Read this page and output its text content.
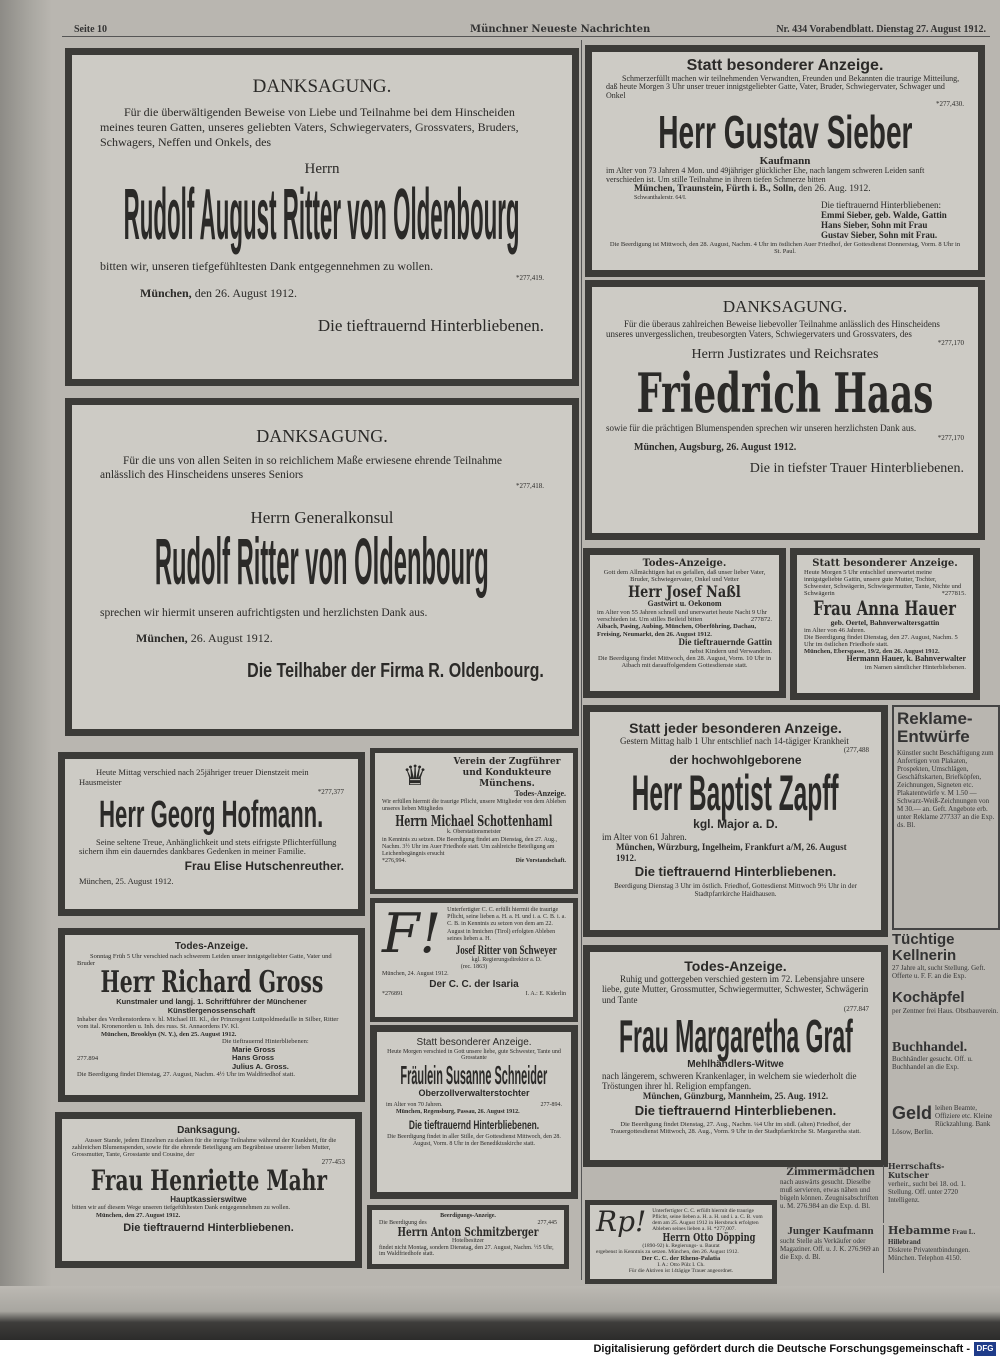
Seite 10	Münchner Neueste Nachrichten	Nr. 434 Vorabendblatt. Dienstag 27. August 1912.
DANKSAGUNG.
Für die überwältigenden Beweise von Liebe und Teilnahme bei dem Hinscheiden meines teuren Gatten, unseres geliebten Vaters, Schwiegervaters, Grossvaters, Bruders, Schwagers, Neffen und Onkels, des
Herrn
Rudolf August Ritter von Oldenbourg
bitten wir, unseren tiefgefühltesten Dank entgegennehmen zu wollen.
*277,419.
München, den 26. August 1912.
Die tieftrauernd Hinterbliebenen.
DANKSAGUNG.
Für die uns von allen Seiten in so reichlichem Maße erwiesene ehrende Teilnahme anlässlich des Hinscheidens unseres Seniors
*277,418.
Herrn Generalkonsul
Rudolf Ritter von Oldenbourg
sprechen wir hiermit unseren aufrichtigsten und herzlichsten Dank aus.
München, 26. August 1912.
Die Teilhaber der Firma R. Oldenbourg.
Statt besonderer Anzeige.
Schmerzerfüllt machen wir teilnehmenden Verwandten, Freunden und Bekannten die traurige Mitteilung, daß heute Morgen 3 Uhr unser treuer innigstgeliebter Gatte, Vater, Bruder, Schwiegervater, Schwager und Onkel
*277,430.
Herr Gustav Sieber
Kaufmann
im Alter von 73 Jahren 4 Mon. und 49jähriger glücklicher Ehe, nach langem schweren Leiden sanft verschieden ist. Um stille Teilnahme in ihrem tiefen Schmerze bitten
München, Traunstein, Fürth i. B., Solln, den 26. Aug. 1912.
Schwanthalerstr. 64/I.
Die tieftrauernd Hinterbliebenen:
Emmi Sieber, geb. Walde, Gattin
Hans Sieber, Sohn mit Frau
Gustav Sieber, Sohn mit Frau.
Die Beerdigung ist Mittwoch, den 28. August, Nachm. 4 Uhr im östlichen Auer Friedhof, der Gottesdienst Donnerstag, Vorm. 8 Uhr in St. Paul.
DANKSAGUNG.
Für die überaus zahlreichen Beweise liebevoller Teilnahme anlässlich des Hinscheidens unseres unvergesslichen, treubesorgten Vaters, Schwiegervaters und Grossvaters, des
*277,170
Herrn Justizrates und Reichsrates
Friedrich Haas
sowie für die prächtigen Blumenspenden sprechen wir unseren herzlichsten Dank aus.
*277,170
München, Augsburg, 26. August 1912.
Die in tiefster Trauer Hinterbliebenen.
Todes-Anzeige.
Gott dem Allmächtigen hat es gefallen, daß unser lieber Vater, Bruder, Schwiegervater, Onkel und Vetter
Herr Josef Naßl
Gastwirt u. Oekonom
im Alter von 55 Jahren schnell und unerwartet heute Nacht 9 Uhr verschieden ist. Um stilles Beileid bitten	277872.
Aibach, Pasing, Aubing, München, Oberföhring, Dachau, Freising, Neumarkt, den 26. August 1912.
Die tieftrauernde Gattin
nebst Kindern und Verwandten.
Die Beerdigung findet Mittwoch, den 28. August, Vorm. 10 Uhr in Aibach mit darauffolgendem Gottesdienste statt.
Statt besonderer Anzeige.
Heute Morgen 5 Uhr entschlief unerwartet meine innigstgeliebte Gattin, unsere gute Mutter, Tochter, Schwester, Schwägerin, Schwiegermutter, Tante, Nichte und Schwägerin	*277815.
Frau Anna Hauer
geb. Oertel, Bahnverwaltersgattin
im Alter von 46 Jahren.
Die Beerdigung findet Dienstag, den 27. August, Nachm. 5 Uhr im östlichen Friedhofe statt.
München, Ebersgasse, 19/2, den 26. August 1912.
Hermann Hauer, k. Bahnverwalter
im Namen sämtlicher Hinterbliebenen.
Statt jeder besonderen Anzeige.
Gestern Mittag halb 1 Uhr entschlief nach 14-tägiger Krankheit
(277,488
der hochwohlgeborene
Herr Baptist Zapff
kgl. Major a. D.
im Alter von 61 Jahren.
München, Würzburg, Ingelheim, Frankfurt a/M, 26. August 1912.
Die tieftrauernd Hinterbliebenen.
Beerdigung Dienstag 3 Uhr im östlich. Friedhof, Gottesdienst Mittwoch 9½ Uhr in der Stadtpfarrkirche Haidhausen.
Todes-Anzeige.
Ruhig und gottergeben verschied gestern im 72. Lebensjahre unsere liebe, gute Mutter, Grossmutter, Schwiegermutter, Schwester, Schwägerin und Tante
(277.847
Frau Margaretha Graf
Mehlhändlers-Witwe
nach längerem, schweren Krankenlager, in welchem sie wiederholt die Tröstungen ihrer hl. Religion empfangen.
München, Günzburg, Mannheim, 25. Aug. 1912.
Die tieftrauernd Hinterbliebenen.
Die Beerdigung findet Dienstag, 27. Aug., Nachm. ¼4 Uhr im südl. (alten) Friedhof, der Trauergottesdienst Mittwoch, 28. Aug., Vorm. 9 Uhr in der Stadtpfarrkirche St. Margaretha statt.
Heute Mittag verschied nach 25jähriger treuer Dienstzeit mein Hausmeister
*277,377
Herr Georg Hofmann.
Seine seltene Treue, Anhänglichkeit und stets eifrigste Pflichterfüllung sichern ihm ein dauerndes dankbares Gedenken in meiner Familie.
Frau Elise Hutschenreuther.
München, 25. August 1912.
Todes-Anzeige.
Sonntag Früh 5 Uhr verschied nach schwerem Leiden unser innigstgeliebter Gatte, Vater und Bruder
Herr Richard Gross
Kunstmaler und langj. 1. Schriftführer der Münchener Künstlergenossenschaft
Inhaber des Verdienstordens v. hl. Michael III. Kl., der Prinzregent Luitpoldmedaille in Silber, Ritter vom ital. Kronenorden u. Inh. des russ. St. Annaordens IV. Kl.
München, Brooklyn (N. Y.), den 25. August 1912.
Die tieftrauernd Hinterbliebenen:
277.894
Marie Gross
Hans Gross
Julius A. Gross.
Die Beerdigung findet Dienstag, 27. August, Nachm. 4½ Uhr im Waldfriedhof statt.
Danksagung.
Ausser Stande, jedem Einzelnen zu danken für die innige Teilnahme während der Krankheit, für die zahlreichen Blumenspenden, sowie für die ehrende Beteiligung am Begräbnisse unserer lieben Mutter, Grossmutter, Tante, Grosstante und Cousine, der
277-453
Frau Henriette Mahr
Hauptkassierswitwe
bitten wir auf diesem Wege unseren tiefgefühltesten Dank entgegennehmen zu wollen.
München, den 27. August 1912.
Die tieftrauernd Hinterbliebenen.
♛	Verein der Zugführer und Kondukteure Münchens.
Todes-Anzeige.
Wir erfüllen hiermit die traurige Pflicht, unsere Mitglieder von dem Ableben unseres lieben Mitgliedes
Herrn Michael Schottenhaml
k. Oberstationsmeister
in Kenntnis zu setzen. Die Beerdigung findet am Dienstag, den 27. Aug., Nachm. 3½ Uhr im Auer Friedhofe statt. Um zahlreiche Beteiligung am Leichenbegängnis ersucht
*276,994.	Die Vorstandschaft.
F!	Unterfertigter C. C. erfüllt hiermit die traurige Pflicht, seine lieben a. H. a. H. und i. a. C. B. i. a. C. B. in Kenntnis zu setzen von dem am 22. August in Innichen (Tirol) erfolgten Ableben seines lieben a. H.
Josef Ritter von Schweyer
kgl. Regierungsdirektor a. D.
(rec. 1863)
München, 24. August 1912.
Der C. C. der Isaria
*276891	I. A.: E. Kiderlin
Statt besonderer Anzeige.
Heute Morgen verschied in Gott unsere liebe, gute Schwester, Tante und Grosstante
Fräulein Susanne Schneider
Oberzollverwalterstochter
im Alter von 70 Jahren.	277-894.
München, Regensburg, Passau, 26. August 1912.
Die tieftrauernd Hinterbliebenen.
Die Beerdigung findet in aller Stille, der Gottesdienst Mittwoch, den 28. August, Vorm. 8 Uhr in der Benediktuskirche statt.
Beerdigungs-Anzeige.
Die Beerdigung des	277,445
Herrn Anton Schmitzberger
Hotelbesitzer
findet nicht Montag, sondern Dienstag, den 27. August, Nachm. ½5 Uhr, im Waldfriedhofe statt.
Rp!	Unterfertigter C. C. erfüllt hiermit die traurige Pflicht, seine lieben a. H. a. H. und i. a. C. B. vom dem am 25. August 1912 in Hersbruck erfolgten Ableben seines lieben a. H. *277,007.
Herrn Otto Döpping
(1890-92) k. Regierungs- u. Baurat
ergebenst in Kenntnis zu setzen. München, den 26. August 1912.
Der C. C. der Rheno-Palatia
I. A.: Otto Pülz I. Ch.
Für die Aktiven ist 14tägige Trauer angeordnet.
Reklame-Entwürfe
Künstler sucht Beschäftigung zum Anfertigen von Plakaten, Prospekten, Umschlägen, Geschäftskarten, Briefköpfen, Zeichnungen, Signeten etc. Plakatentwürfe v. M 1.50 — Schwarz-Weiß-Zeichnungen von M 30.— an. Geft. Angebote erb. unter Reklame 277337 an die Exp. ds. Bl.
Tüchtige Kellnerin
27 Jahre alt, sucht Stellung. Geft. Offerte u. F. F. an die Exp.
Kochäpfel
per Zentner frei Haus. Obstbauverein.
Buchhandel.
Buchhändler gesucht. Off. u. Buchhandel an die Exp.
Geld leihen Beamte, Offiziere etc. Kleine Rückzahlung. Bank Lösow, Berlin.
Zimmermädchen
nach auswärts gesucht. Dieselbe muß servieren, etwas nähen und bügeln können. Zeugnisabschriften u. M. 276.984 an die Exp. d. Bl.
Junger Kaufmann
sucht Stelle als Verkäufer oder Magaziner. Off. u. J. K. 276.969 an die Exp. d. Bl.
Herrschafts-Kutscher
verheir., sucht bei 18. od. 1. Stellung. Off. unter 2720 Intelligenz.
Hebamme Frau L. Hillebrand
Diskrete Privatentbindungen. München. Telephon 4150.
Digitalisierung gefördert durch die Deutsche Forschungsgemeinschaft - DFG
